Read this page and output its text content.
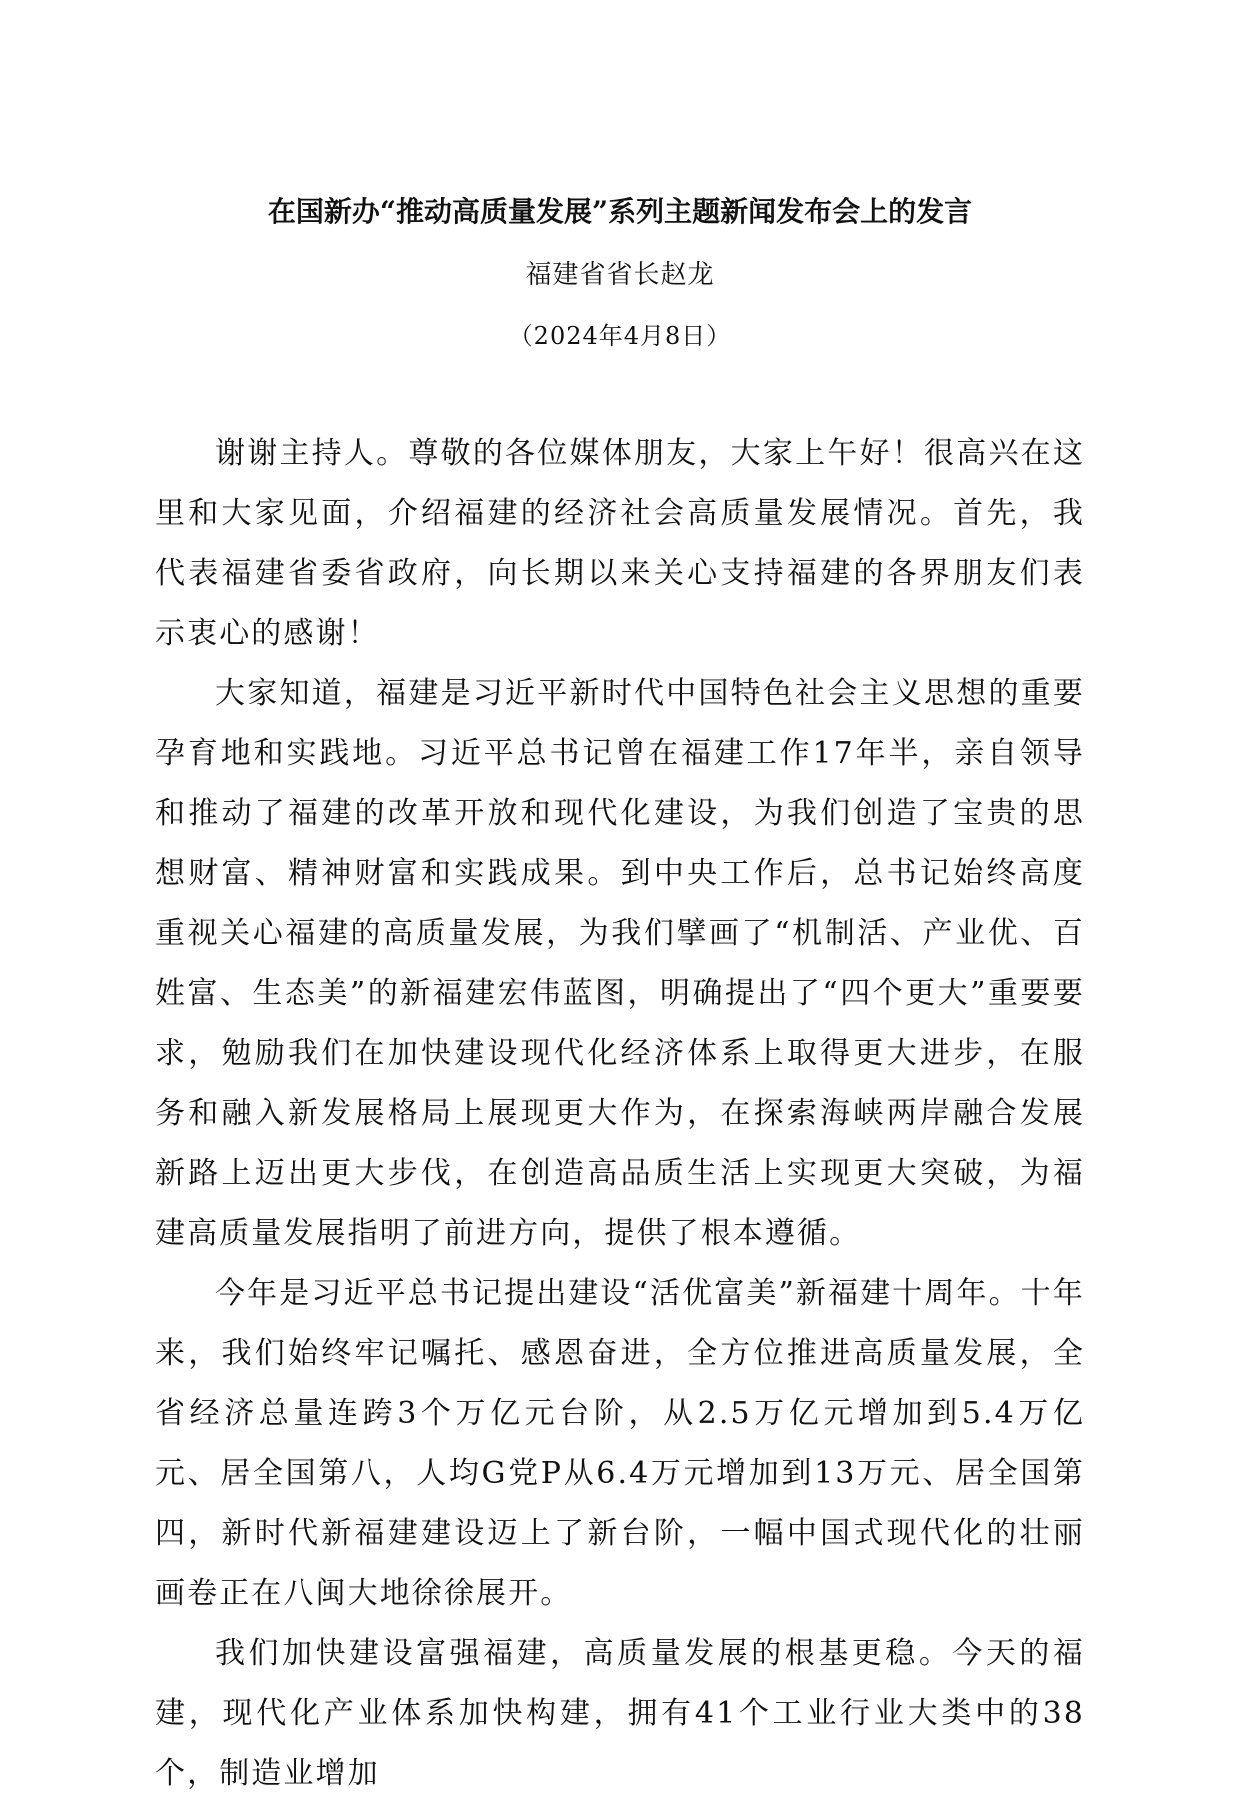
在国新办“推动高质量发展”系列主题新闻发布会上的发言
福建省省长赵龙
（2024年4月8日）

谢谢主持人。尊敬的各位媒体朋友，大家上午好！很高兴在这里和大家见面，介绍福建的经济社会高质量发展情况。首先，我代表福建省委省政府，向长期以来关心支持福建的各界朋友们表示衷心的感谢！

大家知道，福建是习近平新时代中国特色社会主义思想的重要孕育地和实践地。习近平总书记曾在福建工作17年半，亲自领导和推动了福建的改革开放和现代化建设，为我们创造了宝贵的思想财富、精神财富和实践成果。到中央工作后，总书记始终高度重视关心福建的高质量发展，为我们擘画了“机制活、产业优、百姓富、生态美”的新福建宏伟蓝图，明确提出了“四个更大”重要要求，勉励我们在加快建设现代化经济体系上取得更大进步，在服务和融入新发展格局上展现更大作为，在探索海峡两岸融合发展新路上迈出更大步伐，在创造高品质生活上实现更大突破，为福建高质量发展指明了前进方向，提供了根本遵循。

今年是习近平总书记提出建设“活优富美”新福建十周年。十年来，我们始终牢记嘱托、感恩奋进，全方位推进高质量发展，全省经济总量连跨3个万亿元台阶，从2.5万亿元增加到5.4万亿元、居全国第八，人均G党P从6.4万元增加到13万元、居全国第四，新时代新福建建设迈上了新台阶，一幅中国式现代化的壮丽画卷正在八闽大地徐徐展开。

我们加快建设富强福建，高质量发展的根基更稳。今天的福建，现代化产业体系加快构建，拥有41个工业行业大类中的38个，制造业增加
